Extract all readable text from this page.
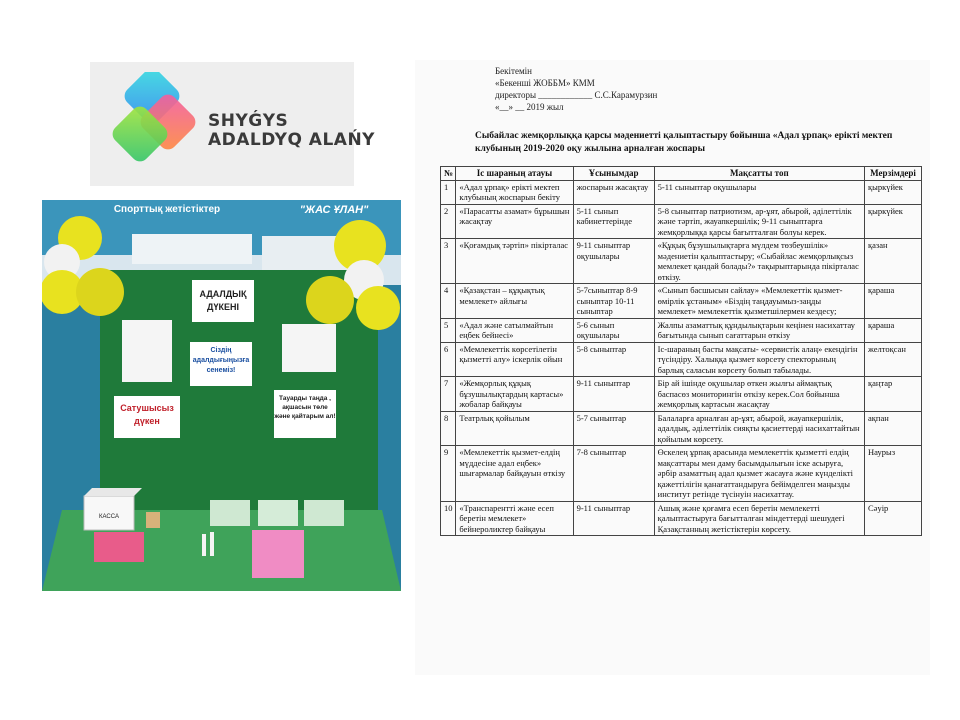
SHYǴYS
ADALDYQ ALAŃY
Спорттық жетістіктер	"ЖАС ҰЛАН"
АДАЛДЫҚ ДҮКЕНІ
Сіздің адалдығыңызға сенеміз!
Сатушысыз дүкен
Тауарды таңда , ақшасын төле және қайтарым ал!
КАССА
Бекітемін
«Бекенші ЖОББМ» КММ
директоры ____________ С.С.Карамурзин
«__» __ 2019 жыл
Сыбайлас жемқорлыққа қарсы мәдениетті қалыптастыру бойынша «Адал ұрпақ» ерікті мектеп клубының 2019-2020 оқу жылына арналған жоспары
№	Іс шараның атауы	Ұсынымдар	Мақсатты топ	Мерзімдері
1	«Адал ұрпақ» ерікті мектеп клубының жоспарын бекіту	жоспарын жасақтау	5-11 сыныптар оқушылары	қыркүйек
2	«Парасатты азамат» бұрышын жасақтау	5-11 сынып кабинеттерінде	5-8 сыныптар патриотизм, ар-ұят, абырой, әділеттілік және тәртіп, жауапкершілік; 9-11 сыныптарға жемқорлыққа қарсы бағытталған болуы керек.	қыркүйек
3	«Қоғамдық тәртіп» пікірталас	9-11 сыныптар оқушылары	«Құқық бұзушылықтарға мүлдем төзбеушілік» мәдениетін қалыптастыру; «Сыбайлас жемқорлықсыз мемлекет қандай болады?» тақырыптарында пікірталас өткізу.	қазан
4	«Қазақстан – құқықтық мемлекет» айлығы	5-7сыныптар 8-9 сыныптар 10-11 сыныптар	«Сынып басшысын сайлау» «Мемлекеттік қызмет- өмірлік ұстаным» «Біздің таңдауымыз-заңды мемлекет» мемлекеттік қызметшілермен кездесу;	қараша
5	«Адал және сатылмайтын еңбек бейнесі»	5-6 сынып оқушылары	Жалпы азаматтық құндылықтарын кеңінен насихаттау бағытында сынып сағаттарын өткізу	қараша
6	«Мемлекеттік көрсетілетін қызметті алу» іскерлік ойын	5-8 сыныптар	Іс-шараның басты мақсаты- «сервистік алаң» екендігін түсіндіру. Халыққа қызмет көрсету спекторының барлық саласын көрсету болып табылады.	желтоқсан
7	«Жемқорлық құқық бұзушылықтардың картасы» жобалар байқауы	9-11 сыныптар	Бір ай ішінде оқушылар өткен жылғы аймақтық баспасөз мониторингін өткізу керек.Сол бойынша жемқорлық картасын жасақтау	қаңтар
8	Театрлық қойылым	5-7 сыныптар	Балаларға арналған ар-ұят, абырой, жауапкершілік, адалдық, әділеттілік сияқты қасиеттерді насихаттайтын қойылым көрсету.	ақпан
9	«Мемлекеттік қызмет-елдің мүддесіне адал еңбек» шығармалар байқауын өткізу	7-8 сыныптар	Өскелең ұрпақ арасында мемлекеттік қызметті елдің мақсаттары мен даму басымдылығын іске асыруға, әрбір азаматтың адал қызмет жасауға және күнделікті қажеттілігін қанағаттандыруға бейімделген маңызды институт ретінде түсінуін насихаттау.	Наурыз
10	«Транспарентті және есеп беретін мемлекет» бейнероликтер байқауы	9-11 сыныптар	Ашық және қоғамға есеп беретін мемлекетті қалыптастыруға бағытталған міндеттерді шешудегі Қазақстанның жетістіктерін көрсету.	Сәуір
